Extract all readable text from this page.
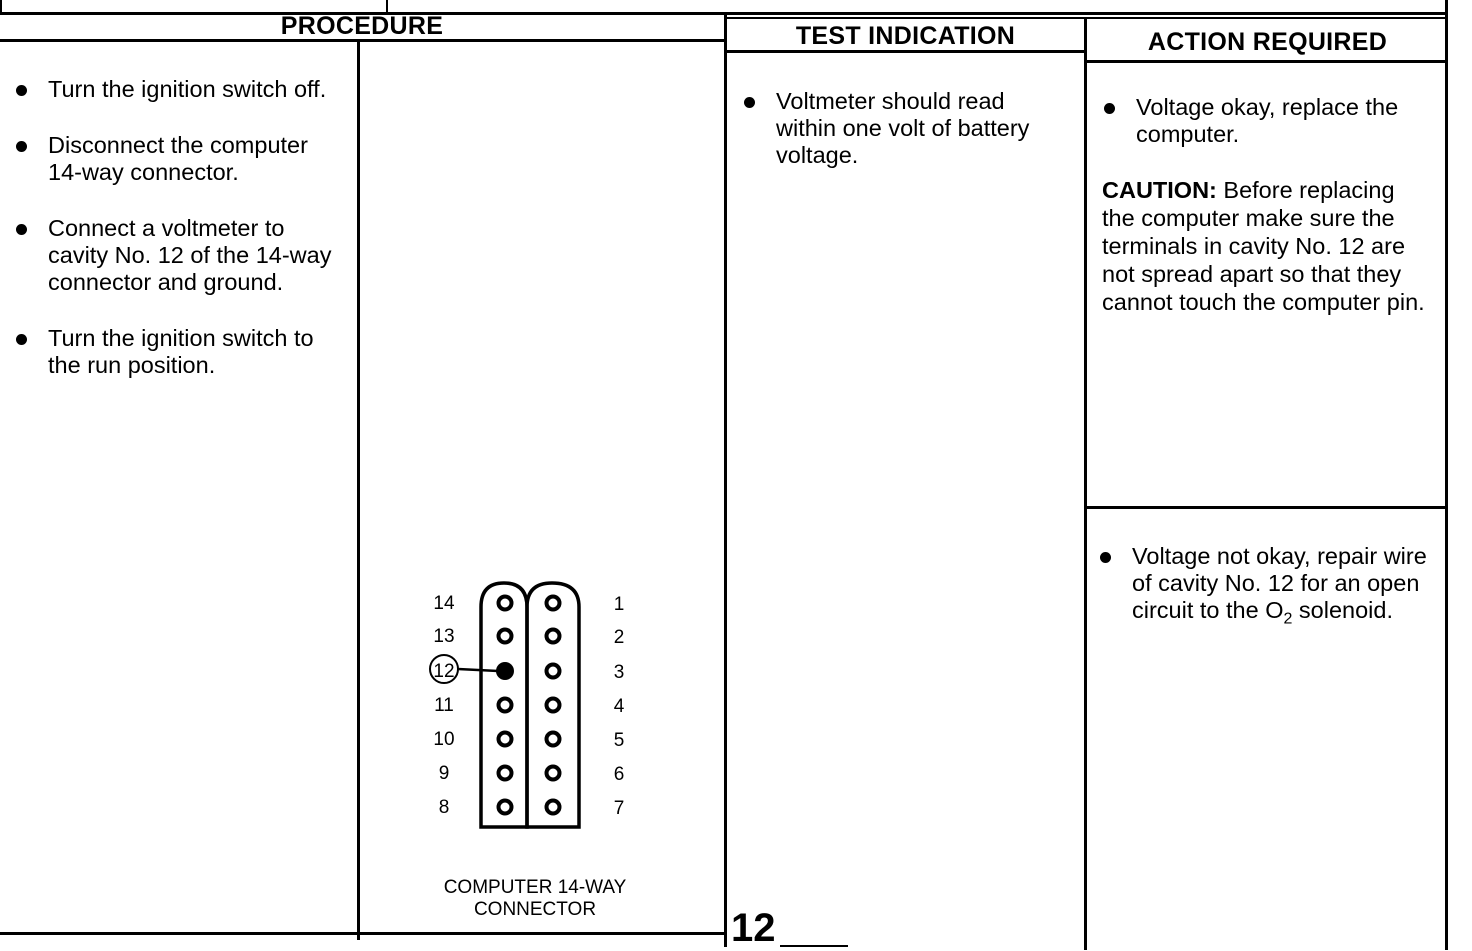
PROCEDURE	TEST INDICATION	ACTION REQUIRED
Turn the ignition switch off.
Disconnect the computer 14-way connector.
Connect a voltmeter to cavity No. 12 of the 14-way connector and ground.
Turn the ignition switch to the run position.
Voltmeter should read within one volt of battery voltage.
Voltage okay, replace the computer.
CAUTION: Before replacing the computer make sure the terminals in cavity No. 12 are not spread apart so that they cannot touch the computer pin.
Voltage not okay, repair wire of cavity No. 12 for an open circuit to the $O_2$ solenoid.
14	1
13	2
12	3
11	4
10	5
9	6
8	7
COMPUTER 14-WAY
CONNECTOR	12
